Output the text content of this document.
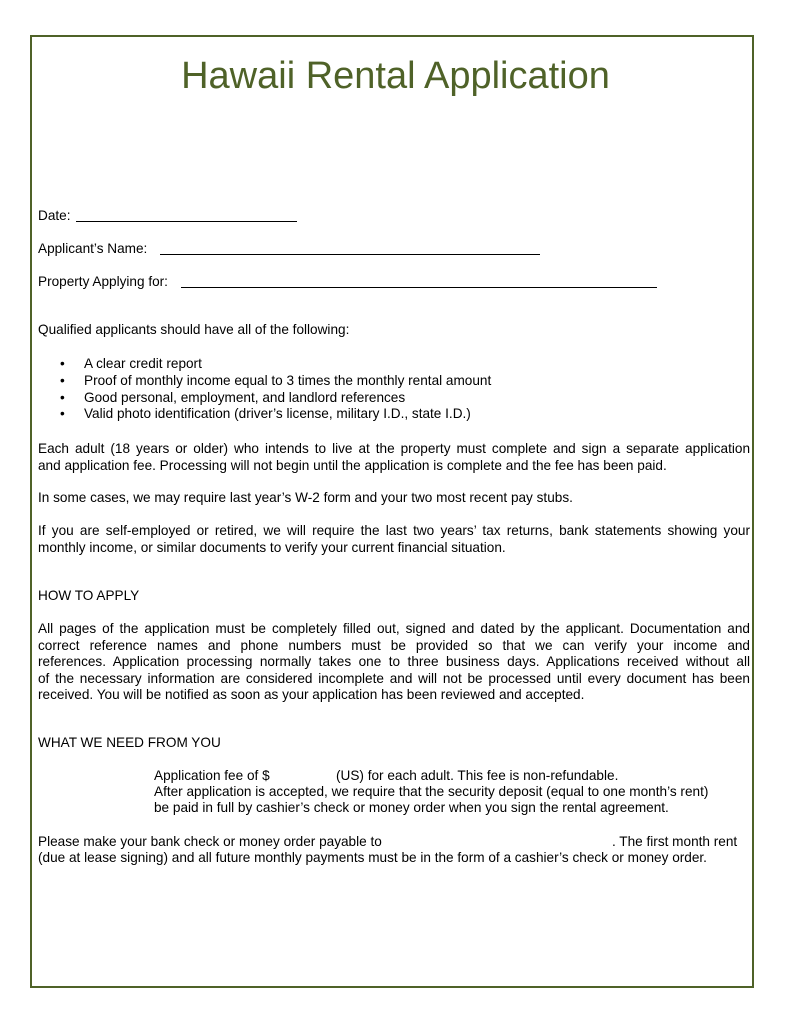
Hawaii Rental Application
Date:
Applicant’s Name:
Property Applying for:
Qualified applicants should have all of the following:
• A clear credit report
• Proof of monthly income equal to 3 times the monthly rental amount
• Good personal, employment, and landlord references
• Valid photo identification (driver’s license, military I.D., state I.D.)
Each adult (18 years or older) who intends to live at the property must complete and sign a separate application
and application fee. Processing will not begin until the application is complete and the fee has been paid.
In some cases, we may require last year’s W-2 form and your two most recent pay stubs.
If you are self-employed or retired, we will require the last two years’ tax returns, bank statements showing your
monthly income, or similar documents to verify your current financial situation.
HOW TO APPLY
All pages of the application must be completely filled out, signed and dated by the applicant. Documentation and
correct reference names and phone numbers must be provided so that we can verify your income and
references. Application processing normally takes one to three business days. Applications received without all
of the necessary information are considered incomplete and will not be processed until every document has been
received. You will be notified as soon as your application has been reviewed and accepted.
WHAT WE NEED FROM YOU
Application fee of $	(US) for each adult. This fee is non-refundable.
After application is accepted, we require that the security deposit (equal to one month’s rent)
be paid in full by cashier’s check or money order when you sign the rental agreement.
Please make your bank check or money order payable to	. The first month rent
(due at lease signing) and all future monthly payments must be in the form of a cashier’s check or money order.
